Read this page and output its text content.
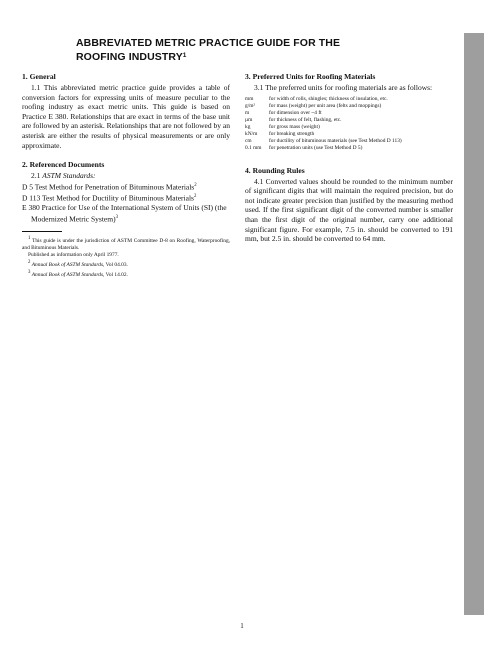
ABBREVIATED METRIC PRACTICE GUIDE FOR THE
ROOFING INDUSTRY$^1$
1. General

1.1 This abbreviated metric practice guide provides a table of conversion factors for expressing units of measure peculiar to the roofing industry as exact metric units. This guide is based on Practice E 380. Relationships that are exact in terms of the base unit are followed by an asterisk. Relationships that are not followed by an asterisk are either the results of physical measurements or are only approximate.

2. Referenced Documents

2.1 ASTM Standards:

D 5 Test Method for Penetration of Bituminous Materials$^2$

D 113 Test Method for Ductility of Bituminous Materials$^2$

E 380 Practice for Use of the International System of Units (SI) (the Modernized Metric System)$^3$

$^1$ This guide is under the jurisdiction of ASTM Committee D-8 on Roofing, Waterproofing, and Bituminous Materials.

Published as information only April 1977.

$^2$ Annual Book of ASTM Standards, Vol 04.03.

$^3$ Annual Book of ASTM Standards, Vol 14.02.

3. Preferred Units for Roofing Materials

3.1 The preferred units for roofing materials are as follows:

mm	for width of rolls, shingles; thickness of insulation, etc.
g/m²	for mass (weight) per unit area (felts and moppings)
m	for dimension over ~4 ft
µm	for thickness of felt, flashing, etc.
kg	for gross mass (weight)
kN/m	for breaking strength
cm	for ductility of bituminous materials (see Test Method D 113)
0.1 mm	for penetration units (use Test Method D 5)
4. Rounding Rules

4.1 Converted values should be rounded to the minimum number of significant digits that will maintain the required precision, but do not indicate greater precision than justified by the measuring method used. If the first significant digit of the converted number is smaller than the first digit of the original number, carry one additional significant figure. For example, 7.5 in. should be converted to 191 mm, but 2.5 in. should be converted to 64 mm.

1
